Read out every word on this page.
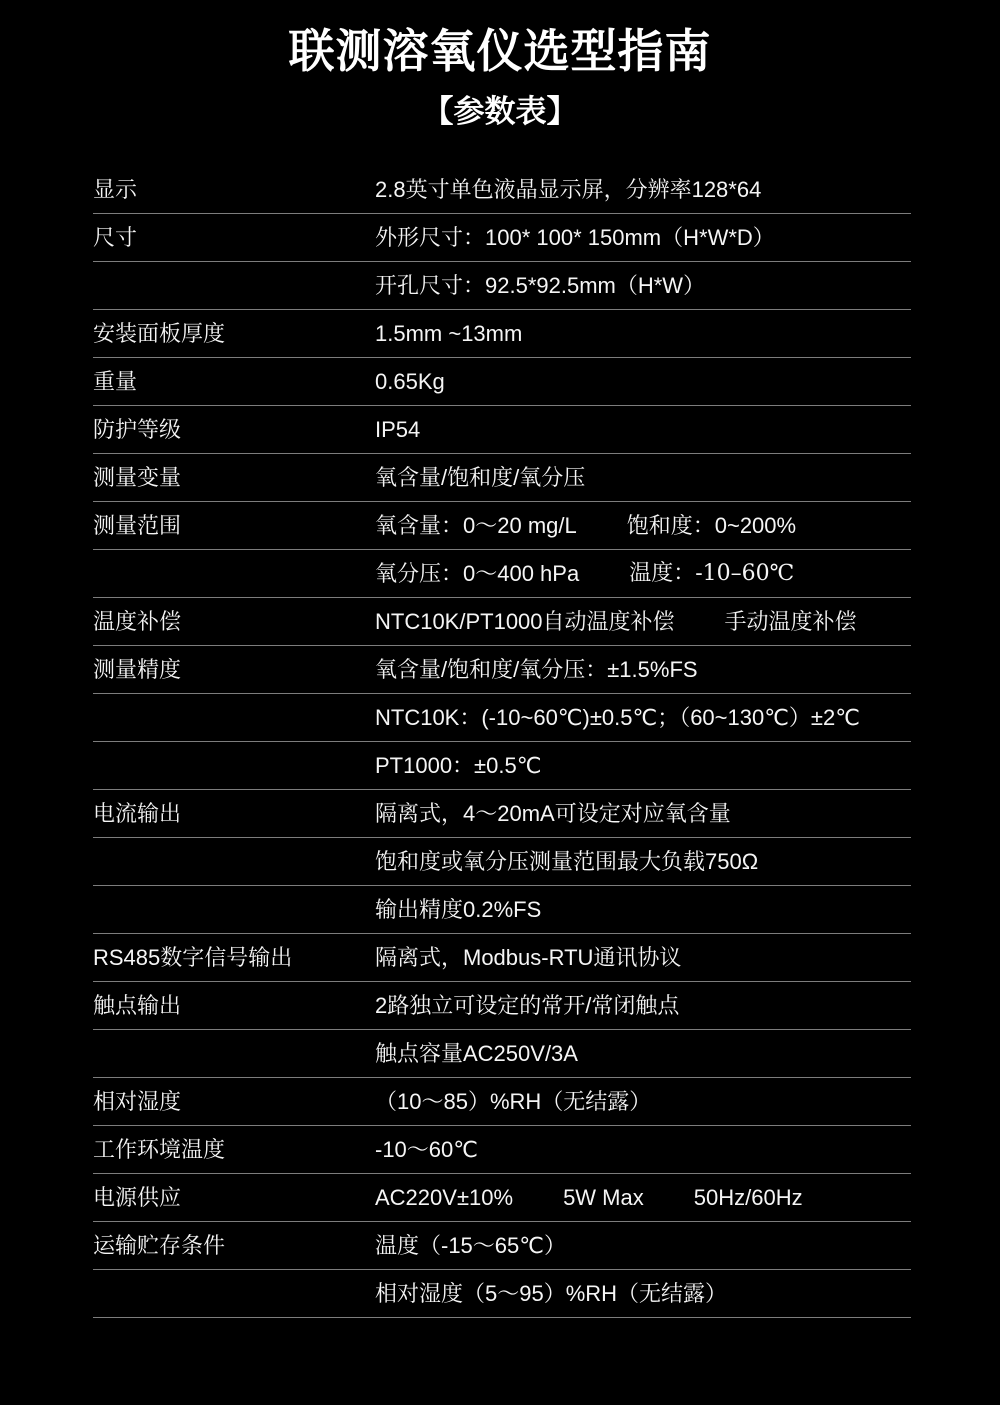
联测溶氧仪选型指南
【参数表】
显示	2.8英寸单色液晶显示屏，分辨率128*64
尺寸	外形尺寸：100* 100* 150mm（H*W*D）
开孔尺寸：92.5*92.5mm（H*W）
安装面板厚度	1.5mm ~13mm
重量	0.65Kg
防护等级	IP54
测量变量	氧含量/饱和度/氧分压
测量范围	氧含量：0～20 mg/L 饱和度：0~200%
氧分压：0～400 hPa 温度：-10–60℃
温度补偿	NTC10K/PT1000自动温度补偿 手动温度补偿
测量精度	氧含量/饱和度/氧分压：±1.5%FS
NTC10K：(-10~60℃)±0.5℃；（60~130℃）±2℃
PT1000：±0.5℃
电流输出	隔离式，4～20mA可设定对应氧含量
饱和度或氧分压测量范围最大负载750Ω
输出精度0.2%FS
RS485数字信号输出	隔离式，Modbus-RTU通讯协议
触点输出	2路独立可设定的常开/常闭触点
触点容量AC250V/3A
相对湿度	（10～85）%RH（无结露）
工作环境温度	-10～60℃
电源供应	AC220V±10% 5W Max 50Hz/60Hz
运输贮存条件	温度（-15～65℃）
相对湿度（5～95）%RH（无结露）
